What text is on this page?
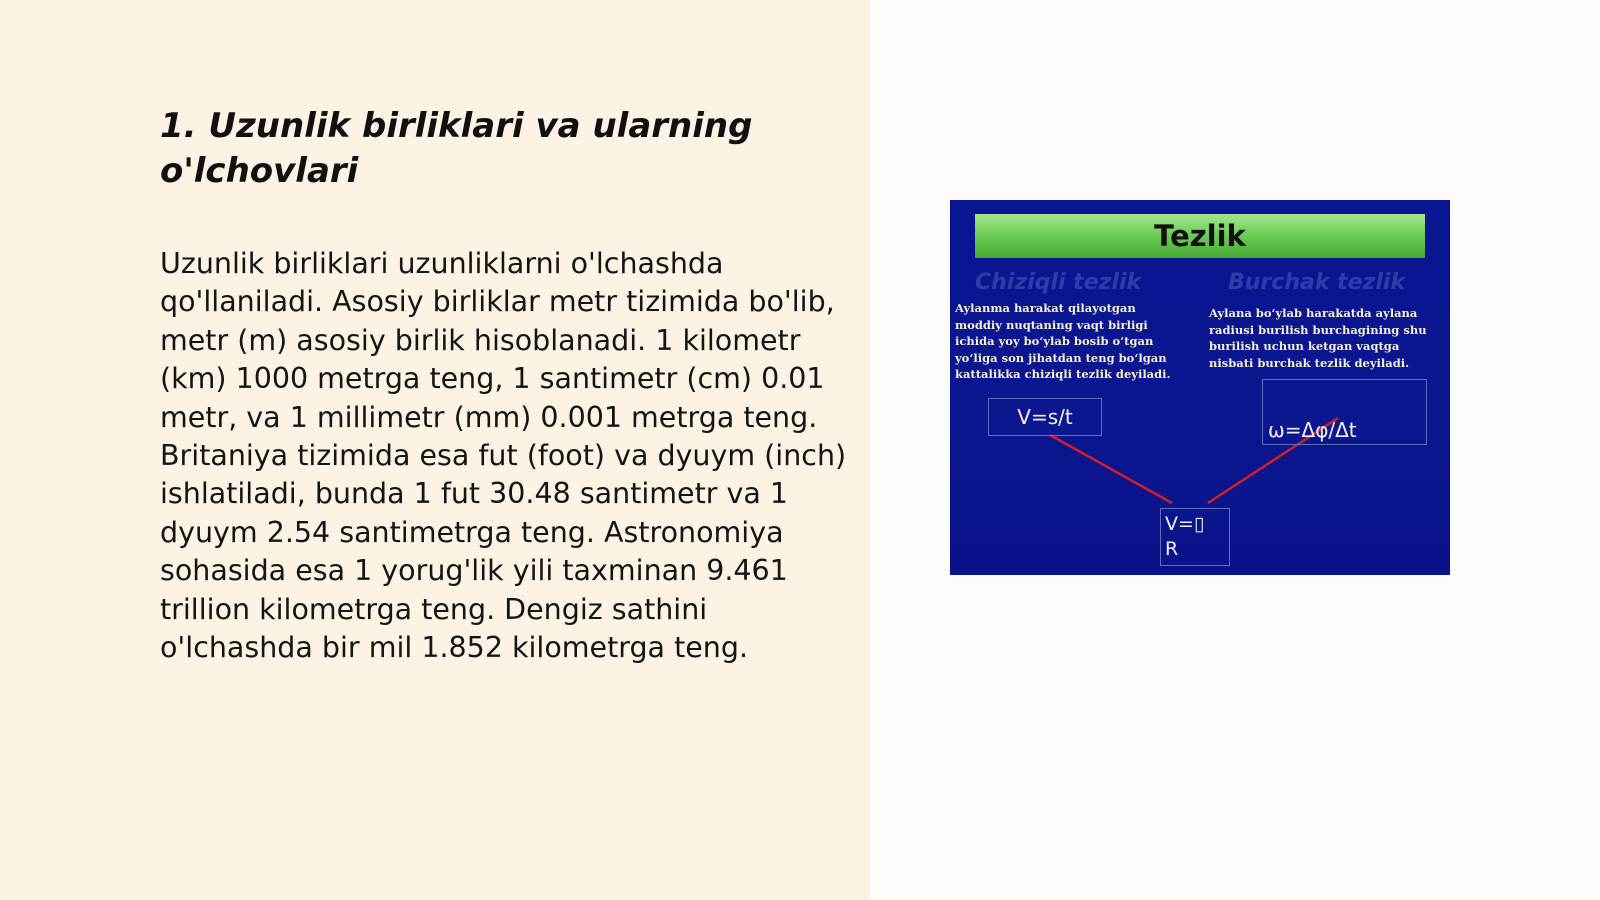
1. Uzunlik birliklari va ularning o'lchovlari

Uzunlik birliklari uzunliklarni o'lchashda qo'llaniladi. Asosiy birliklar metr tizimida bo'lib, metr (m) asosiy birlik hisoblanadi. 1 kilometr (km) 1000 metrga teng, 1 santimetr (cm) 0.01 metr, va 1 millimetr (mm) 0.001 metrga teng. Britaniya tizimida esa fut (foot) va dyuym (inch) ishlatiladi, bunda 1 fut 30.48 santimetr va 1 dyuym 2.54 santimetrga teng. Astronomiya sohasida esa 1 yorug'lik yili taxminan 9.461 trillion kilometrga teng. Dengiz sathini o'lchashda bir mil 1.852 kilometrga teng.

Tezlik
Chiziqli tezlik	Burchak tezlik
Aylanma harakat qilayotgan moddiy nuqtaning vaqt birligi ichida yoy bo‘ylab bosib o‘tgan yo‘liga son jihatdan teng bo‘lgan kattalikka chiziqli tezlik deyiladi.
Aylana bo‘ylab harakatda aylana radiusi burilish burchagining shu burilish uchun ketgan vaqtga nisbati burchak tezlik deyiladi.
V=s/t
ω=Δφ/Δt
V=▯
R
